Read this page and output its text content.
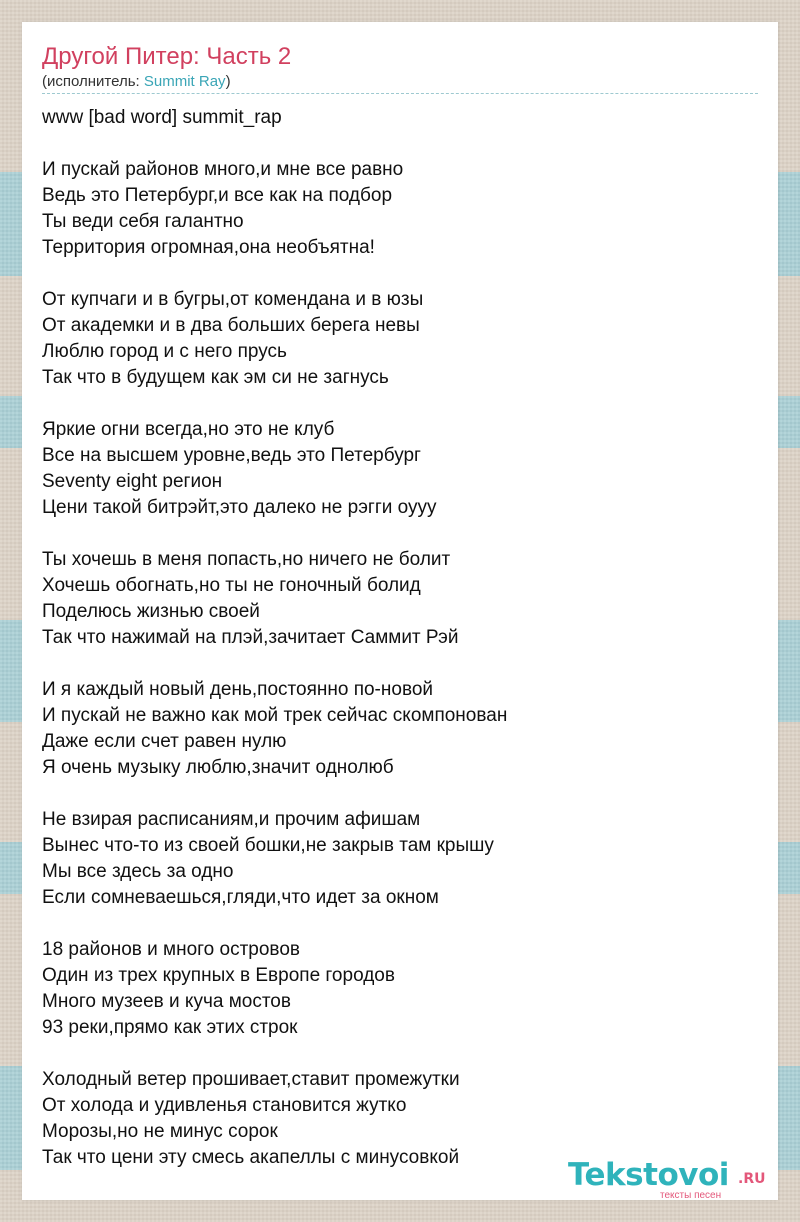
Другой Питер: Часть 2
(исполнитель: Summit Ray)
www [bad word] summit_rap
И пускай районов много,и мне все равно
Ведь это Петербург,и все как на подбор
Ты веди себя галантно
Территория огромная,она необъятна!
От купчаги и в бугры,от комендана и в юзы
От академки и в два больших берега невы
Люблю город и с него прусь
Так что в будущем как эм си не загнусь
Яркие огни всегда,но это не клуб
Все на высшем уровне,ведь это Петербург
Seventy eight регион
Цени такой битрэйт,это далеко не рэгги оууу
Ты хочешь в меня попасть,но ничего не болит
Хочешь обогнать,но ты не гоночный болид
Поделюсь жизнью своей
Так что нажимай на плэй,зачитает Саммит Рэй
И я каждый новый день,постоянно по-новой
И пускай не важно как мой трек сейчас скомпонован
Даже если счет равен нулю
Я очень музыку люблю,значит однолюб
Не взирая расписаниям,и прочим афишам
Вынес что-то из своей бошки,не закрыв там крышу
Мы все здесь за одно
Если сомневаешься,гляди,что идет за окном
18 районов и много островов
Один из трех крупных в Европе городов
Много музеев и куча мостов
93 реки,прямо как этих строк
Холодный ветер прошивает,ставит промежутки
От холода и удивленья становится жутко
Морозы,но не минус сорок
Так что цени эту смесь акапеллы с минусовкой	Tekstovoi .RU
тексты песен
